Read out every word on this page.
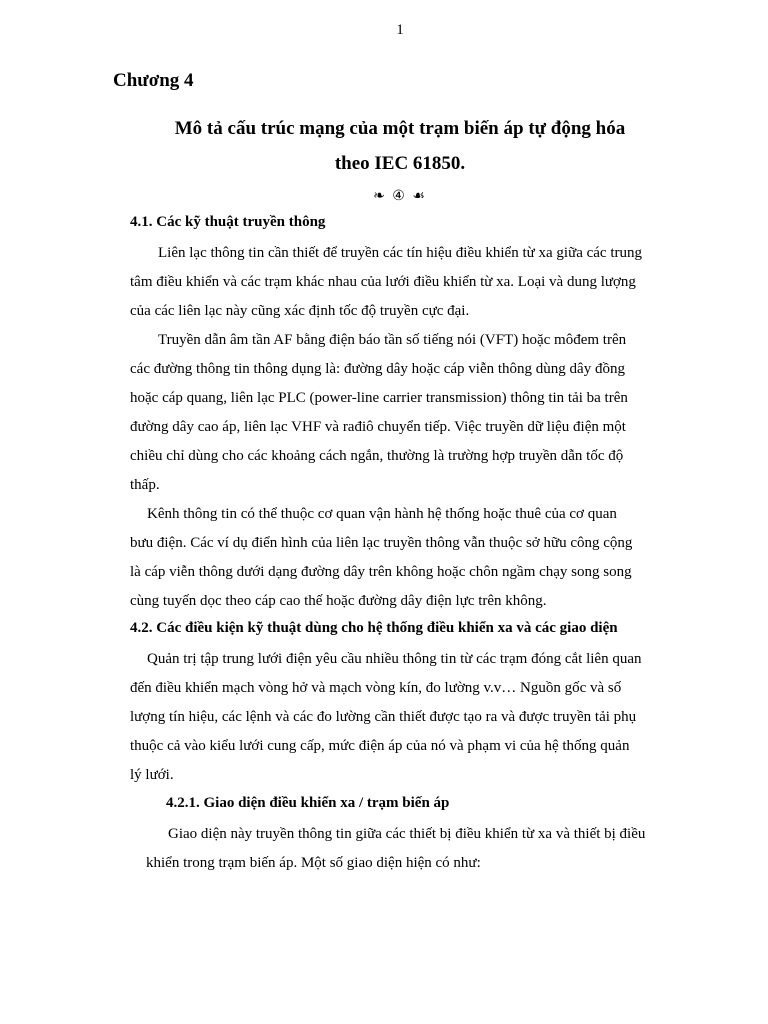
1
Chương 4
Mô tả cấu trúc mạng của một trạm biến áp tự động hóa
theo IEC 61850.
❧ ④ ☙
4.1. Các kỹ thuật truyền thông
Liên lạc thông tin cần thiết để truyền các tín hiệu điều khiển từ xa giữa các trung
tâm điều khiển và các trạm khác nhau của lưới điều khiển từ xa. Loại và dung lượng
của các liên lạc này cũng xác định tốc độ truyền cực đại.
Truyền dẫn âm tần AF bằng điện báo tần số tiếng nói (VFT) hoặc môđem trên
các đường thông tin thông dụng là: đường dây hoặc cáp viễn thông dùng dây đồng
hoặc cáp quang, liên lạc PLC (power-line carrier transmission) thông tin tải ba trên
đường dây cao áp, liên lạc VHF và rađiô chuyển tiếp. Việc truyền dữ liệu điện một
chiều chỉ dùng cho các khoảng cách ngắn, thường là trường hợp truyền dẫn tốc độ
thấp.
Kênh thông tin có thể thuộc cơ quan vận hành hệ thống hoặc thuê của cơ quan
bưu điện. Các ví dụ điển hình của liên lạc truyền thông vẫn thuộc sở hữu công cộng
là cáp viễn thông dưới dạng đường dây trên không hoặc chôn ngầm chạy song song
cùng tuyến dọc theo cáp cao thế hoặc đường dây điện lực trên không.
4.2. Các điều kiện kỹ thuật dùng cho hệ thống điều khiển xa và các giao diện
Quản trị tập trung lưới điện yêu cầu nhiều thông tin từ các trạm đóng cắt liên quan
đến điều khiển mạch vòng hở và mạch vòng kín, đo lường v.v… Nguồn gốc và số
lượng tín hiệu, các lệnh và các đo lường cần thiết được tạo ra và được truyền tải phụ
thuộc cả vào kiểu lưới cung cấp, mức điện áp của nó và phạm vi của hệ thống quản
lý lưới.
4.2.1. Giao diện điều khiển xa / trạm biến áp
Giao diện này truyền thông tin giữa các thiết bị điều khiển từ xa và thiết bị điều
khiển trong trạm biến áp. Một số giao diện hiện có như:
